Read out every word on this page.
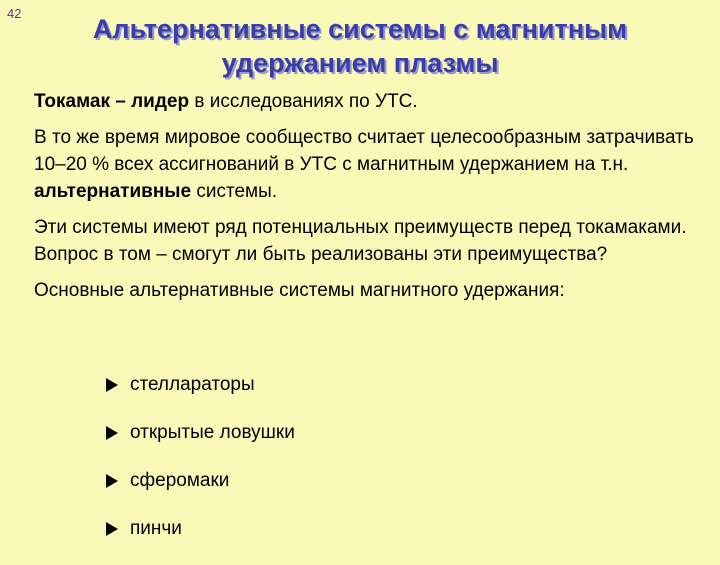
42
Альтернативные системы с магнитным удержанием плазмы

Токамак – лидер в исследованиях по УТС.

В то же время мировое сообщество считает целесообразным затрачивать 10–20 % всех ассигнований в УТС с магнитным удержанием на т.н. альтернативные системы.

Эти системы имеют ряд потенциальных преимуществ перед токамаками. Вопрос в том – смогут ли быть реализованы эти преимущества?

Основные альтернативные системы магнитного удержания:

стеллараторы
открытые ловушки
сферомаки
пинчи
